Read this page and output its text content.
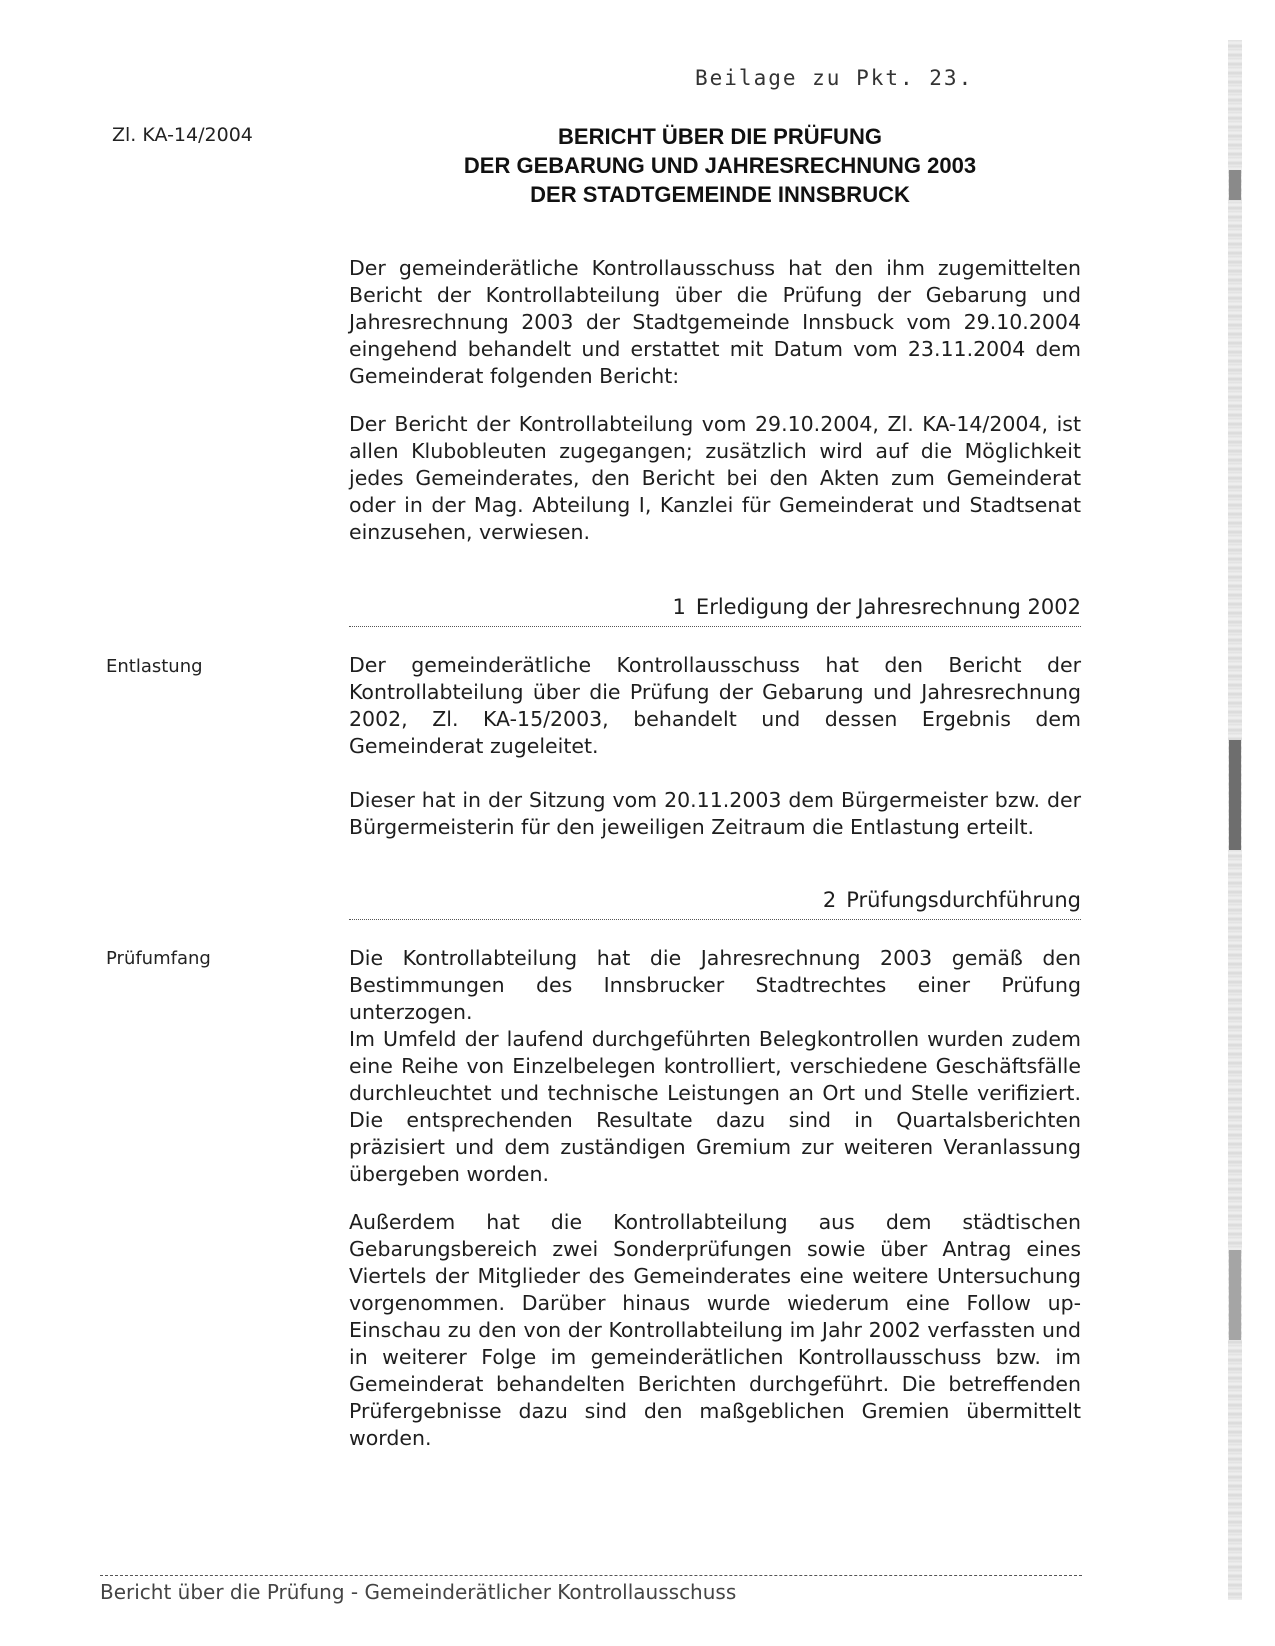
Beilage zu Pkt. 23.
Zl. KA-14/2004	BERICHT ÜBER DIE PRÜFUNG
DER GEBARUNG UND JAHRESRECHNUNG 2003
DER STADTGEMEINDE INNSBRUCK

Der gemeinderätliche Kontrollausschuss hat den ihm zugemittelten Bericht der Kontrollabteilung über die Prüfung der Gebarung und Jahresrechnung 2003 der Stadtgemeinde Innsbuck vom 29.10.2004 eingehend behandelt und erstattet mit Datum vom 23.11.2004 dem Gemeinderat folgenden Bericht:

Der Bericht der Kontrollabteilung vom 29.10.2004, Zl. KA-14/2004, ist allen Klubobleuten zugegangen; zusätzlich wird auf die Möglichkeit jedes Gemeinderates, den Bericht bei den Akten zum Gemeinderat oder in der Mag. Abteilung I, Kanzlei für Gemeinderat und Stadtsenat einzusehen, verwiesen.

1 Erledigung der Jahresrechnung 2002
Entlastung	Der gemeinderätliche Kontrollausschuss hat den Bericht der Kontrollabteilung über die Prüfung der Gebarung und Jahresrechnung 2002, Zl. KA-15/2003, behandelt und dessen Ergebnis dem Gemeinderat zugeleitet.

Dieser hat in der Sitzung vom 20.11.2003 dem Bürgermeister bzw. der Bürgermeisterin für den jeweiligen Zeitraum die Entlastung erteilt.

2 Prüfungsdurchführung
Prüfumfang	Die Kontrollabteilung hat die Jahresrechnung 2003 gemäß den Bestimmungen des Innsbrucker Stadtrechtes einer Prüfung unterzogen.

Im Umfeld der laufend durchgeführten Belegkontrollen wurden zudem eine Reihe von Einzelbelegen kontrolliert, verschiedene Geschäftsfälle durchleuchtet und technische Leistungen an Ort und Stelle verifiziert. Die entsprechenden Resultate dazu sind in Quartalsberichten präzisiert und dem zuständigen Gremium zur weiteren Veranlassung übergeben worden.

Außerdem hat die Kontrollabteilung aus dem städtischen Gebarungsbereich zwei Sonderprüfungen sowie über Antrag eines Viertels der Mitglieder des Gemeinderates eine weitere Untersuchung vorgenommen. Darüber hinaus wurde wiederum eine Follow up-Einschau zu den von der Kontrollabteilung im Jahr 2002 verfassten und in weiterer Folge im gemeinderätlichen Kontrollausschuss bzw. im Gemeinderat behandelten Berichten durchgeführt. Die betreffenden Prüfergebnisse dazu sind den maßgeblichen Gremien übermittelt worden.

Bericht über die Prüfung - Gemeinderätlicher Kontrollausschuss
